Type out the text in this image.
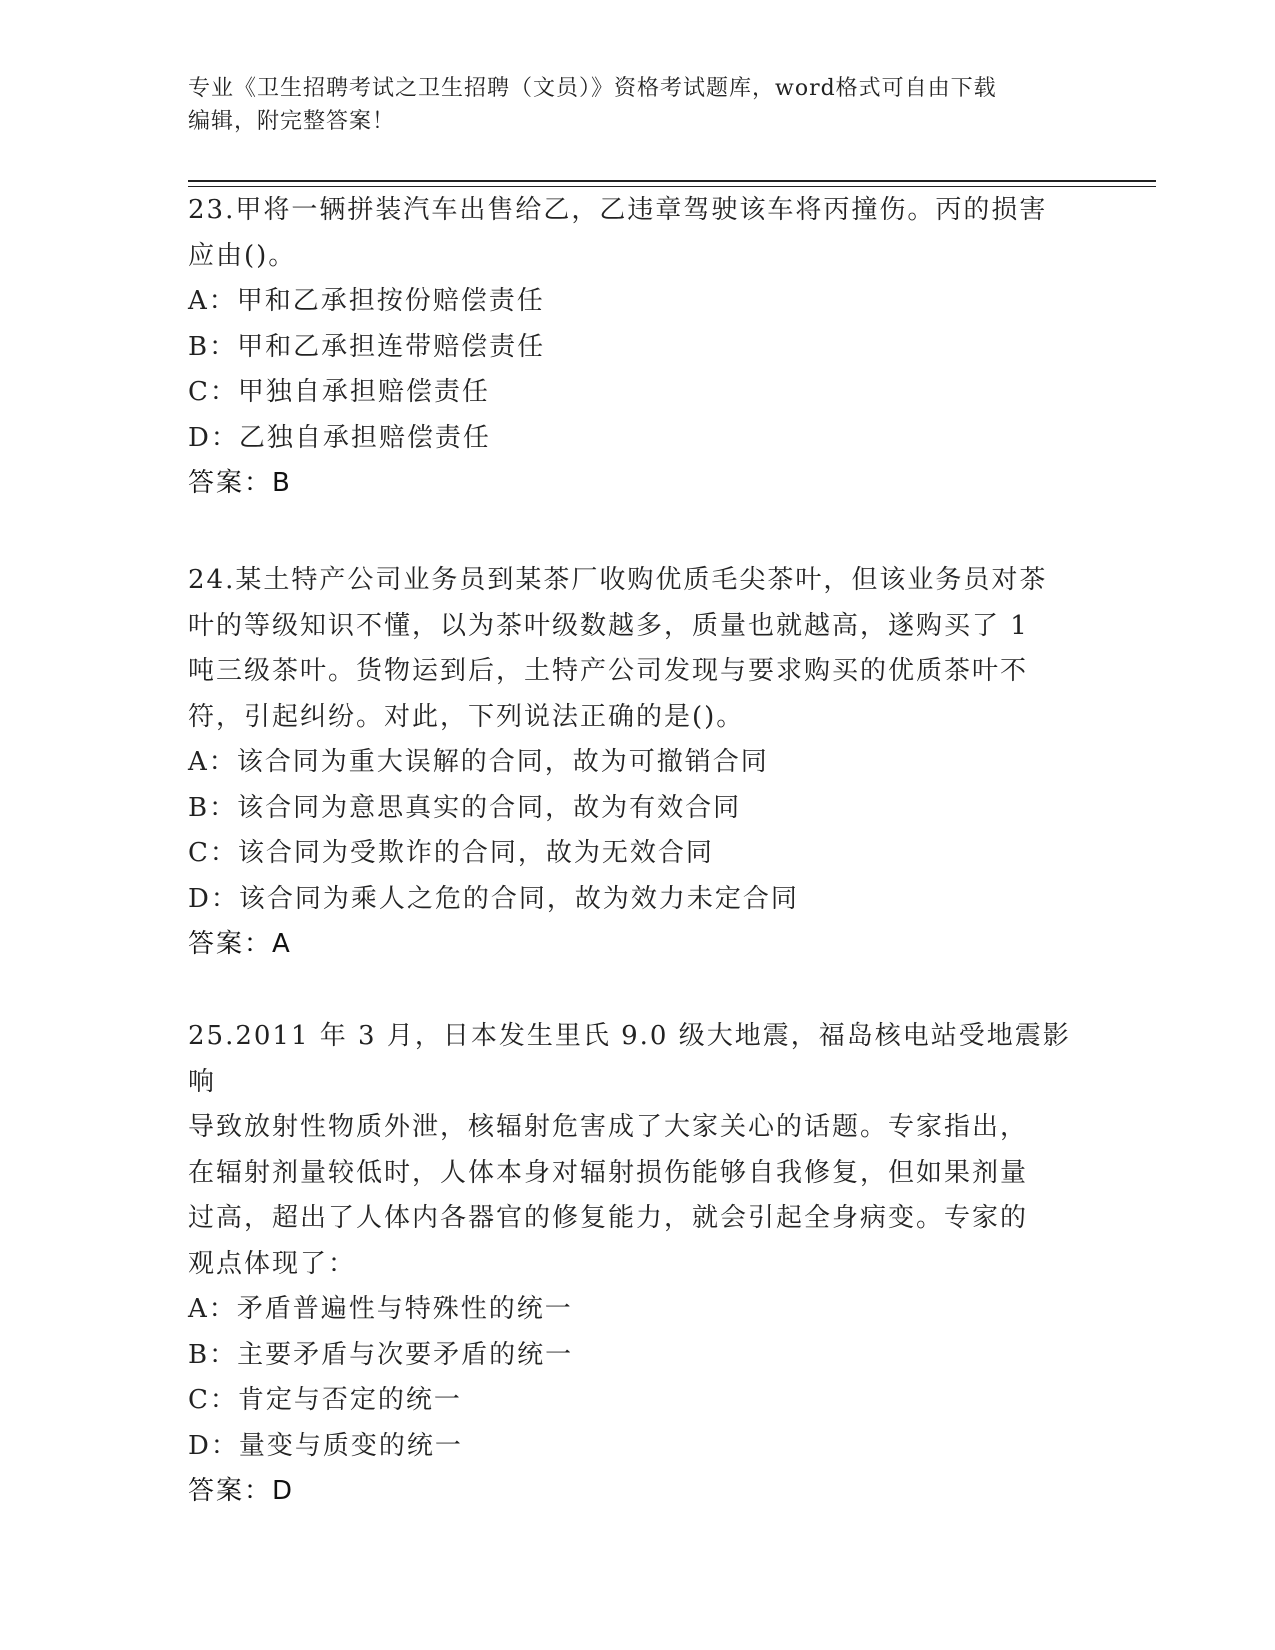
专业《卫生招聘考试之卫生招聘（文员）》资格考试题库，word格式可自由下载
编辑，附完整答案！

23.甲将一辆拼装汽车出售给乙，乙违章驾驶该车将丙撞伤。丙的损害

应由()。

A：甲和乙承担按份赔偿责任

B：甲和乙承担连带赔偿责任

C：甲独自承担赔偿责任

D：乙独自承担赔偿责任

答案：B

24.某土特产公司业务员到某茶厂收购优质毛尖茶叶，但该业务员对茶

叶的等级知识不懂，以为茶叶级数越多，质量也就越高，遂购买了 1

吨三级茶叶。货物运到后，土特产公司发现与要求购买的优质茶叶不

符，引起纠纷。对此，下列说法正确的是()。

A：该合同为重大误解的合同，故为可撤销合同

B：该合同为意思真实的合同，故为有效合同

C：该合同为受欺诈的合同，故为无效合同

D：该合同为乘人之危的合同，故为效力未定合同

答案：A

25.2011 年 3 月，日本发生里氏 9.0 级大地震，福岛核电站受地震影响

导致放射性物质外泄，核辐射危害成了大家关心的话题。专家指出，

在辐射剂量较低时，人体本身对辐射损伤能够自我修复，但如果剂量

过高，超出了人体内各器官的修复能力，就会引起全身病变。专家的

观点体现了：

A：矛盾普遍性与特殊性的统一

B：主要矛盾与次要矛盾的统一

C：肯定与否定的统一

D：量变与质变的统一

答案：D
